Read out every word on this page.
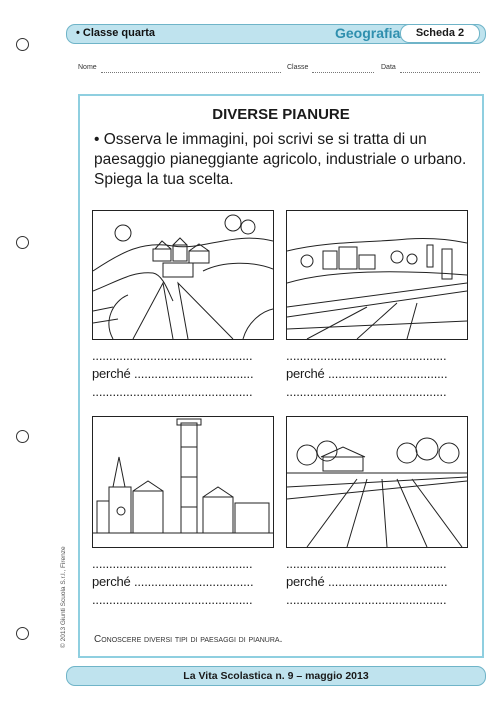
• Classe quarta	Geografia	Scheda 2
Nome	Classe	Data
DIVERSE PIANURE
• Osserva le immagini, poi scrivi se si tratta di un paesaggio pianeggiante agricolo, industriale o urbano. Spiega la tua scelta.
...............................................	...............................................
perché ...................................	perché ...................................
...............................................	...............................................
...............................................	...............................................
perché ...................................	perché ...................................
...............................................	...............................................
Conoscere diversi tipi di paesaggi di pianura.
© 2013 Giunti Scuola S.r.l., Firenze
La Vita Scolastica n. 9 – maggio 2013
